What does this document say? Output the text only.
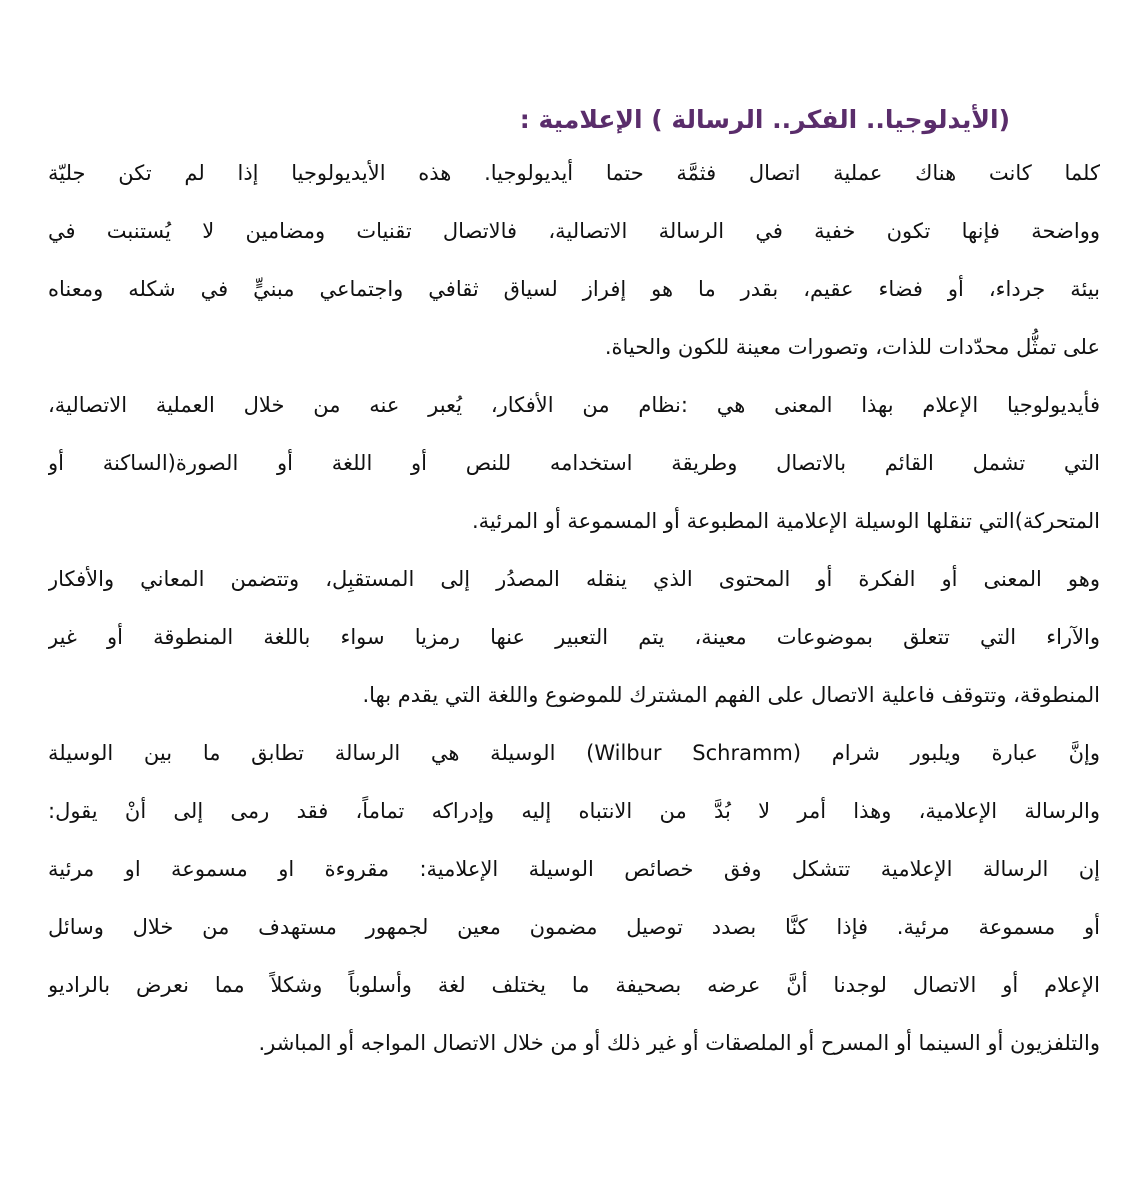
(الأيدلوجيا.. الفكر.. الرسالة ) الإعلامية :
كلما كانت هناك عملية اتصال فثمَّة حتما أيديولوجيا. هذه الأيديولوجيا إذا لم تكن جليّة
وواضحة فإنها تكون خفية في الرسالة الاتصالية، فالاتصال تقنيات ومضامين لا يُستنبت في
بيئة جرداء، أو فضاء عقيم، بقدر ما هو إفراز لسياق ثقافي واجتماعي مبنيٍّ في شكله ومعناه
على تمثُّل محدّدات للذات، وتصورات معينة للكون والحياة.
فأيديولوجيا الإعلام بهذا المعنى هي :نظام من الأفكار، يُعبر عنه من خلال العملية الاتصالية،
التي تشمل القائم بالاتصال وطريقة استخدامه للنص أو اللغة أو الصورة(الساكنة أو
المتحركة)التي تنقلها الوسيلة الإعلامية المطبوعة أو المسموعة أو المرئية.
وهو المعنى أو الفكرة أو المحتوى الذي ينقله المصدُر إلى المستقبِل، وتتضمن المعاني والأفكار
والآراء التي تتعلق بموضوعات معينة، يتم التعبير عنها رمزيا سواء باللغة المنطوقة أو غير
المنطوقة، وتتوقف فاعلية الاتصال على الفهم المشترك للموضوع واللغة التي يقدم بها.
وإنَّ عبارة ويلبور شرام (Wilbur Schramm) الوسيلة هي الرسالة تطابق ما بين الوسيلة
والرسالة الإعلامية، وهذا أمر لا بُدَّ من الانتباه إليه وإدراكه تماماً، فقد رمى إلى أنْ يقول:
إن الرسالة الإعلامية تتشكل وفق خصائص الوسيلة الإعلامية: مقروءة او مسموعة او مرئية
أو مسموعة مرئية. فإذا كنَّا بصدد توصيل مضمون معين لجمهور مستهدف من خلال وسائل
الإعلام أو الاتصال لوجدنا أنَّ عرضه بصحيفة ما يختلف لغة وأسلوباً وشكلاً مما نعرض بالراديو
والتلفزيون أو السينما أو المسرح أو الملصقات أو غير ذلك أو من خلال الاتصال المواجه أو المباشر.
